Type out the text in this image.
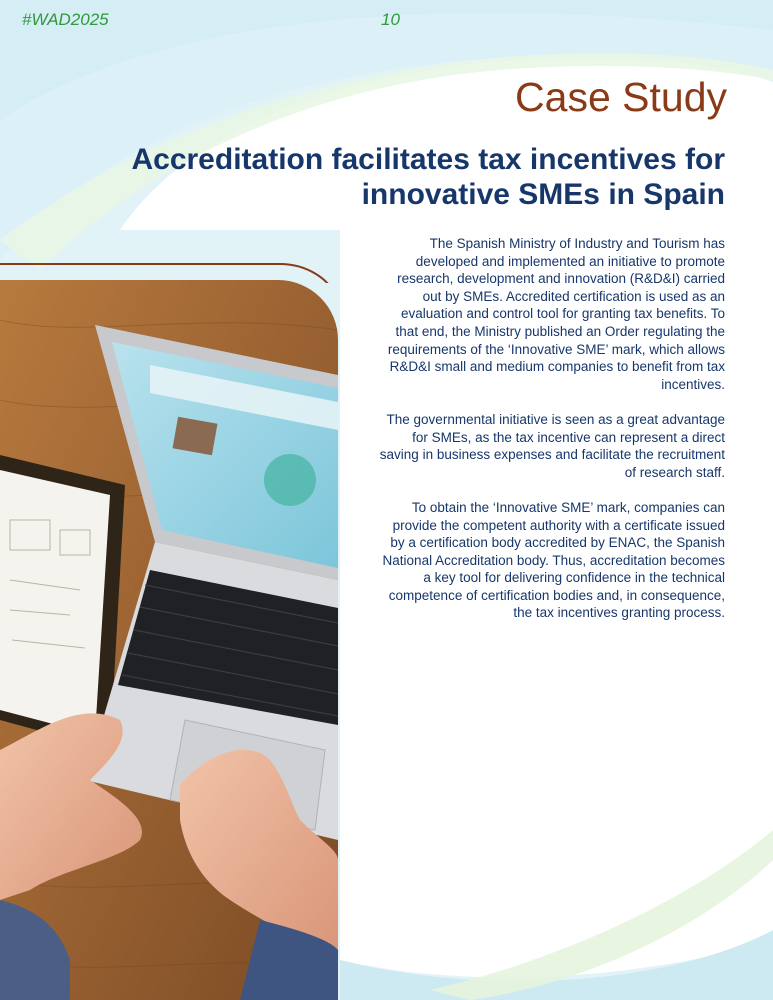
#WAD2025	10
Case Study
Accreditation facilitates tax incentives for innovative SMEs in Spain

The Spanish Ministry of Industry and Tourism has developed and implemented an initiative to promote research, development and innovation (R&D&I) carried out by SMEs. Accredited certification is used as an evaluation and control tool for granting tax benefits. To that end, the Ministry published an Order regulating the requirements of the ‘Innovative SME’ mark, which allows R&D&I small and medium companies to benefit from tax incentives.

The governmental initiative is seen as a great advantage for SMEs, as the tax incentive can represent a direct saving in business expenses and facilitate the recruitment of research staff.

To obtain the ‘Innovative SME’ mark, companies can provide the competent authority with a certificate issued by a certification body accredited by ENAC, the Spanish National Accreditation body. Thus, accreditation becomes a key tool for delivering confidence in the technical competence of certification bodies and, in consequence, the tax incentives granting process.
